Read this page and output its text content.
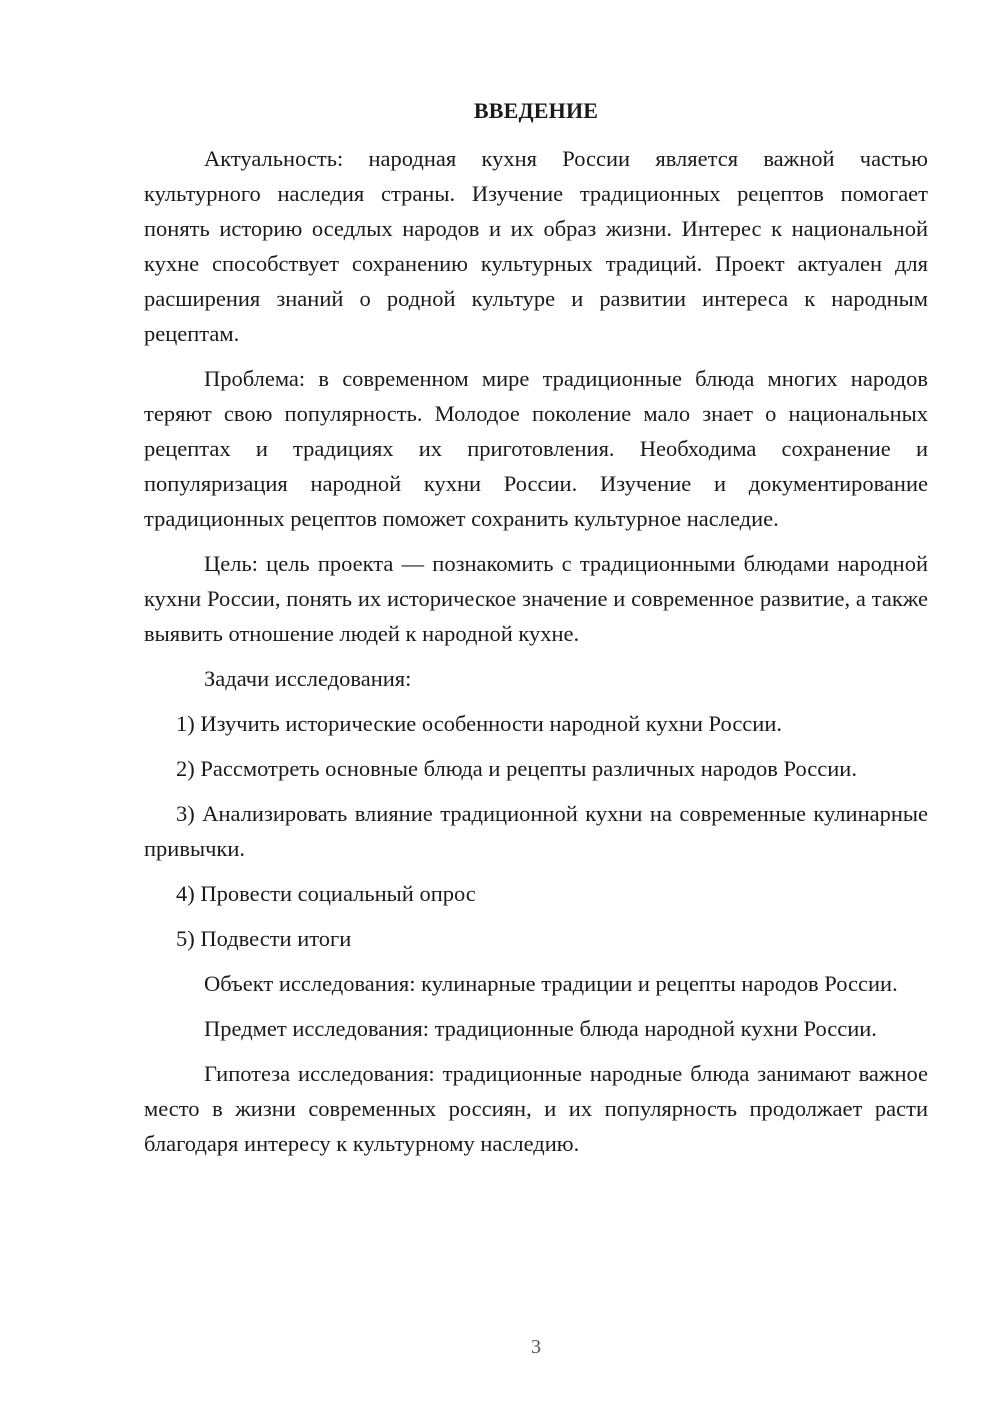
ВВЕДЕНИЕ

Актуальность: народная кухня России является важной частью культурного наследия страны. Изучение традиционных рецептов помогает понять историю оседлых народов и их образ жизни. Интерес к национальной кухне способствует сохранению культурных традиций. Проект актуален для расширения знаний о родной культуре и развитии интереса к народным рецептам.

Проблема: в современном мире традиционные блюда многих народов теряют свою популярность. Молодое поколение мало знает о национальных рецептах и традициях их приготовления. Необходима сохранение и популяризация народной кухни России. Изучение и документирование традиционных рецептов поможет сохранить культурное наследие.

Цель: цель проекта — познакомить с традиционными блюдами народной кухни России, понять их историческое значение и современное развитие, а также выявить отношение людей к народной кухне.

Задачи исследования:

1) Изучить исторические особенности народной кухни России.

2) Рассмотреть основные блюда и рецепты различных народов России.

3) Анализировать влияние традиционной кухни на современные кулинарные привычки.

4) Провести социальный опрос

5) Подвести итоги

Объект исследования: кулинарные традиции и рецепты народов России.

Предмет исследования: традиционные блюда народной кухни России.

Гипотеза исследования: традиционные народные блюда занимают важное место в жизни современных россиян, и их популярность продолжает расти благодаря интересу к культурному наследию.

3
